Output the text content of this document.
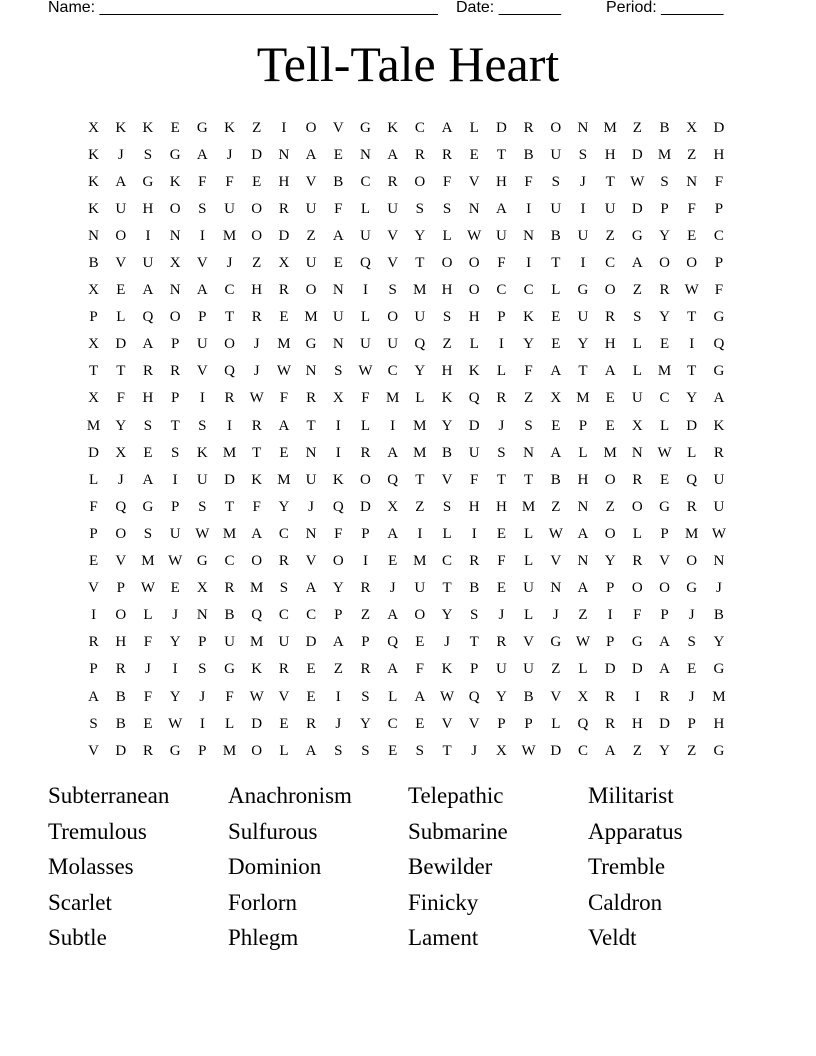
Name: ______________________________________ Date: _______	Period: _______
Tell-Tale Heart
X	K	K	E	G	K	Z	I	O	V	G	K	C	A	L	D	R	O	N	M	Z	B	X	D
K	J	S	G	A	J	D	N	A	E	N	A	R	R	E	T	B	U	S	H	D	M	Z	H
K	A	G	K	F	F	E	H	V	B	C	R	O	F	V	H	F	S	J	T	W	S	N	F
K	U	H	O	S	U	O	R	U	F	L	U	S	S	N	A	I	U	I	U	D	P	F	P
N	O	I	N	I	M	O	D	Z	A	U	V	Y	L	W U	N	B	U	Z	G	Y	E	C
B	V	U	X	V	J	Z	X	U	E	Q	V	T	O	O	F	I	T	I	C	A	O	O	P
X	E	A	N	A	C	H	R	O	N	I	S	M	H	O	C	C	L	G	O	Z	R	W	F
P	L	Q	O	P	T	R	E	M	U	L	O	U	S	H	P	K	E	U	R	S	Y	T	G
X	D	A	P	U	O	J	M	G	N	U	U	Q	Z	L	I	Y	E	Y	H	L	E	I	Q
T	T	R	R	V	Q	J	W N	S	W	C	Y	H	K	L	F	A	T	A	L	M	T	G
X	F	H	P	I	R	W	F	R	X	F	M	L	K	Q	R	Z	X	M	E	U	C	Y	A
M	Y	S	T	S	I	R	A	T	I	L	I	M	Y	D	J	S	E	P	E	X	L	D	K
D	X	E	S	K	M	T	E	N	I	R	A	M	B	U	S	N	A	L	M	N W	L	R
L	J	A	I	U	D	K	M	U	K	O	Q	T	V	F	T	T	B	H	O	R	E	Q	U
F	Q	G	P	S	T	F	Y	J	Q	D	X	Z	S	H	H	M	Z	N	Z	O	G	R	U
P	O	S	U W M	A	C	N	F	P	A	I	L	I	E	L	W A	O	L	P	M W
E	V	M W G	C	O	R	V	O	I	E	M	C	R	F	L	V	N	Y	R	V	O	N
V	P	W	E	X	R	M	S	A	Y	R	J	U	T	B	E	U	N	A	P	O	O	G	J
I	O	L	J	N	B	Q	C	C	P	Z	A	O	Y	S	J	L	J	Z	I	F	P	J	B
R	H	F	Y	P	U	M	U	D	A	P	Q	E	J	T	R	V	G W	P	G	A	S	Y
P	R	J	I	S	G	K	R	E	Z	R	A	F	K	P	U	U	Z	L	D	D	A	E	G
A	B	F	Y	J	F	W V	E	I	S	L	A W Q	Y	B	V	X	R	I	R	J	M
S	B	E	W	I	L	D	E	R	J	Y	C	E	V	V	P	P	L	Q	R	H	D	P	H
V	D	R	G	P	M	O	L	A	S	S	E	S	T	J	X W D	C	A	Z	Y	Z	G
Subterranean	Anachronism	Telepathic	Militarist
Tremulous	Sulfurous	Submarine	Apparatus
Molasses	Dominion	Bewilder	Tremble
Scarlet	Forlorn	Finicky	Caldron
Subtle	Phlegm	Lament	Veldt
